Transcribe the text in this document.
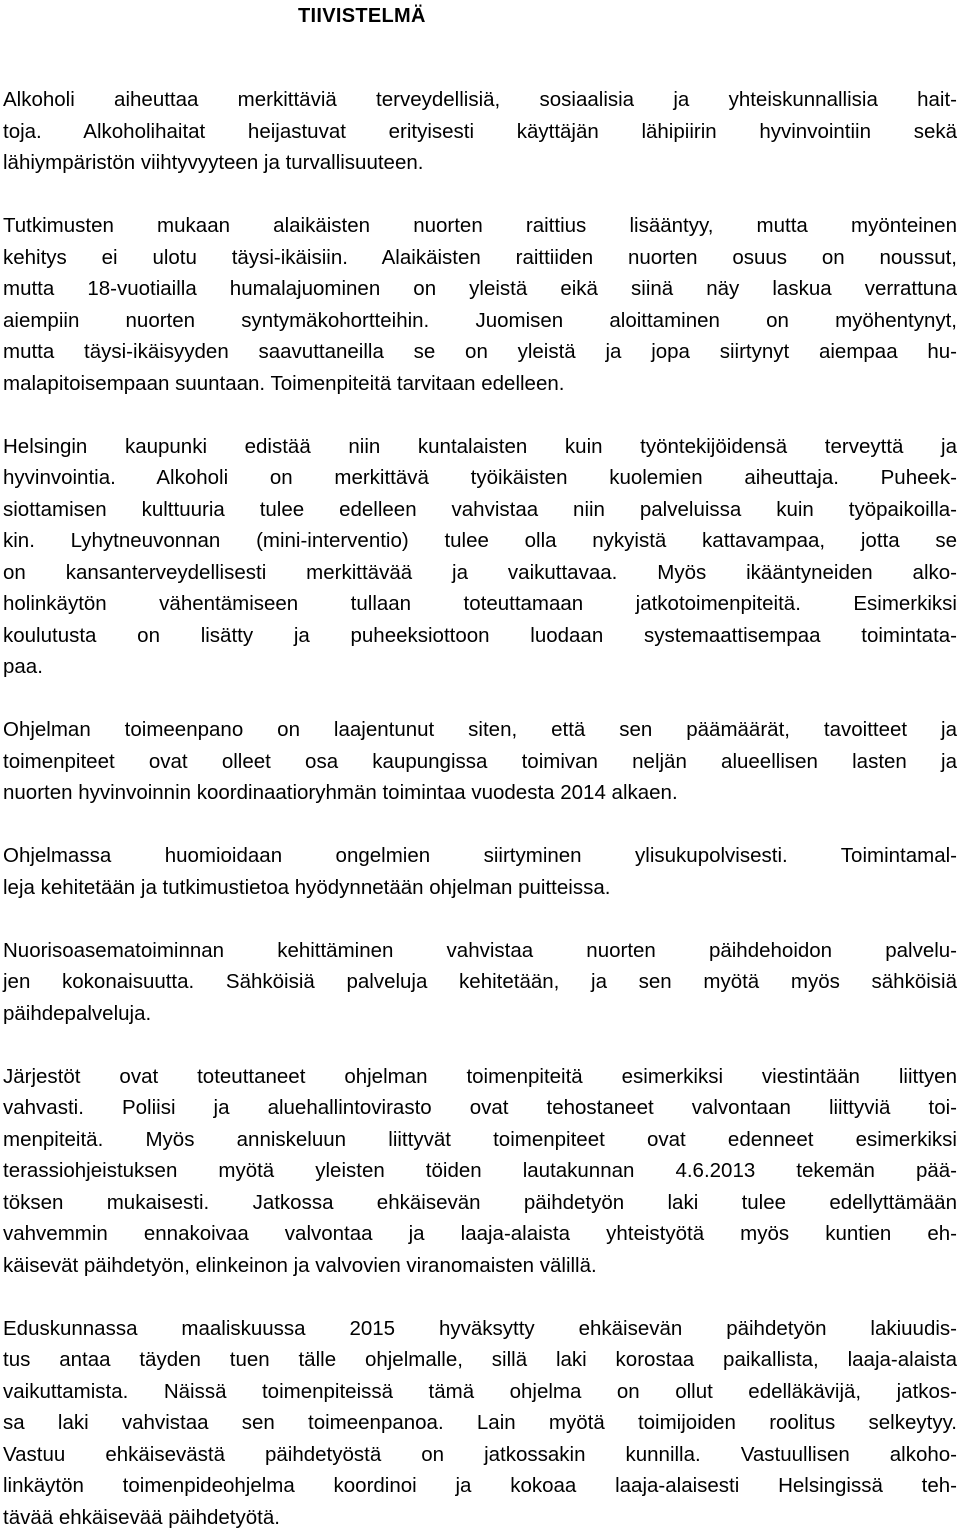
TIIVISTELMÄ

Alkoholi aiheuttaa merkittäviä terveydellisiä, sosiaalisia ja yhteiskunnallisia hait-
toja. Alkoholihaitat heijastuvat erityisesti käyttäjän lähipiirin hyvinvointiin sekä
lähiympäristön viihtyvyyteen ja turvallisuuteen.

Tutkimusten mukaan alaikäisten nuorten raittius lisääntyy, mutta myönteinen
kehitys ei ulotu täysi-ikäisiin. Alaikäisten raittiiden nuorten osuus on noussut,
mutta 18-vuotiailla humalajuominen on yleistä eikä siinä näy laskua verrattuna
aiempiin nuorten syntymäkohortteihin. Juomisen aloittaminen on myöhentynyt,
mutta täysi-ikäisyyden saavuttaneilla se on yleistä ja jopa siirtynyt aiempaa hu-
malapitoisempaan suuntaan. Toimenpiteitä tarvitaan edelleen.

Helsingin kaupunki edistää niin kuntalaisten kuin työntekijöidensä terveyttä ja
hyvinvointia. Alkoholi on merkittävä työikäisten kuolemien aiheuttaja. Puheek-
siottamisen kulttuuria tulee edelleen vahvistaa niin palveluissa kuin työpaikoilla-
kin. Lyhytneuvonnan (mini-interventio) tulee olla nykyistä kattavampaa, jotta se
on kansanterveydellisesti merkittävää ja vaikuttavaa. Myös ikääntyneiden alko-
holinkäytön vähentämiseen tullaan toteuttamaan jatkotoimenpiteitä. Esimerkiksi
koulutusta on lisätty ja puheeksiottoon luodaan systemaattisempaa toimintata-
paa.

Ohjelman toimeenpano on laajentunut siten, että sen päämäärät, tavoitteet ja
toimenpiteet ovat olleet osa kaupungissa toimivan neljän alueellisen lasten ja
nuorten hyvinvoinnin koordinaatioryhmän toimintaa vuodesta 2014 alkaen.

Ohjelmassa huomioidaan ongelmien siirtyminen ylisukupolvisesti. Toimintamal-
leja kehitetään ja tutkimustietoa hyödynnetään ohjelman puitteissa.

Nuorisoasematoiminnan kehittäminen vahvistaa nuorten päihdehoidon palvelu-
jen kokonaisuutta. Sähköisiä palveluja kehitetään, ja sen myötä myös sähköisiä
päihdepalveluja.

Järjestöt ovat toteuttaneet ohjelman toimenpiteitä esimerkiksi viestintään liittyen
vahvasti. Poliisi ja aluehallintovirasto ovat tehostaneet valvontaan liittyviä toi-
menpiteitä. Myös anniskeluun liittyvät toimenpiteet ovat edenneet esimerkiksi
terassiohjeistuksen myötä yleisten töiden lautakunnan 4.6.2013 tekemän pää-
töksen mukaisesti. Jatkossa ehkäisevän päihdetyön laki tulee edellyttämään
vahvemmin ennakoivaa valvontaa ja laaja-alaista yhteistyötä myös kuntien eh-
käisevät päihdetyön, elinkeinon ja valvovien viranomaisten välillä.

Eduskunnassa maaliskuussa 2015 hyväksytty ehkäisevän päihdetyön lakiuudis-
tus antaa täyden tuen tälle ohjelmalle, sillä laki korostaa paikallista, laaja-alaista
vaikuttamista. Näissä toimenpiteissä tämä ohjelma on ollut edelläkävijä, jatkos-
sa laki vahvistaa sen toimeenpanoa. Lain myötä toimijoiden roolitus selkeytyy.
Vastuu ehkäisevästä päihdetyöstä on jatkossakin kunnilla. Vastuullisen alkoho-
linkäytön toimenpideohjelma koordinoi ja kokoaa laaja-alaisesti Helsingissä teh-
tävää ehkäisevää päihdetyötä.
